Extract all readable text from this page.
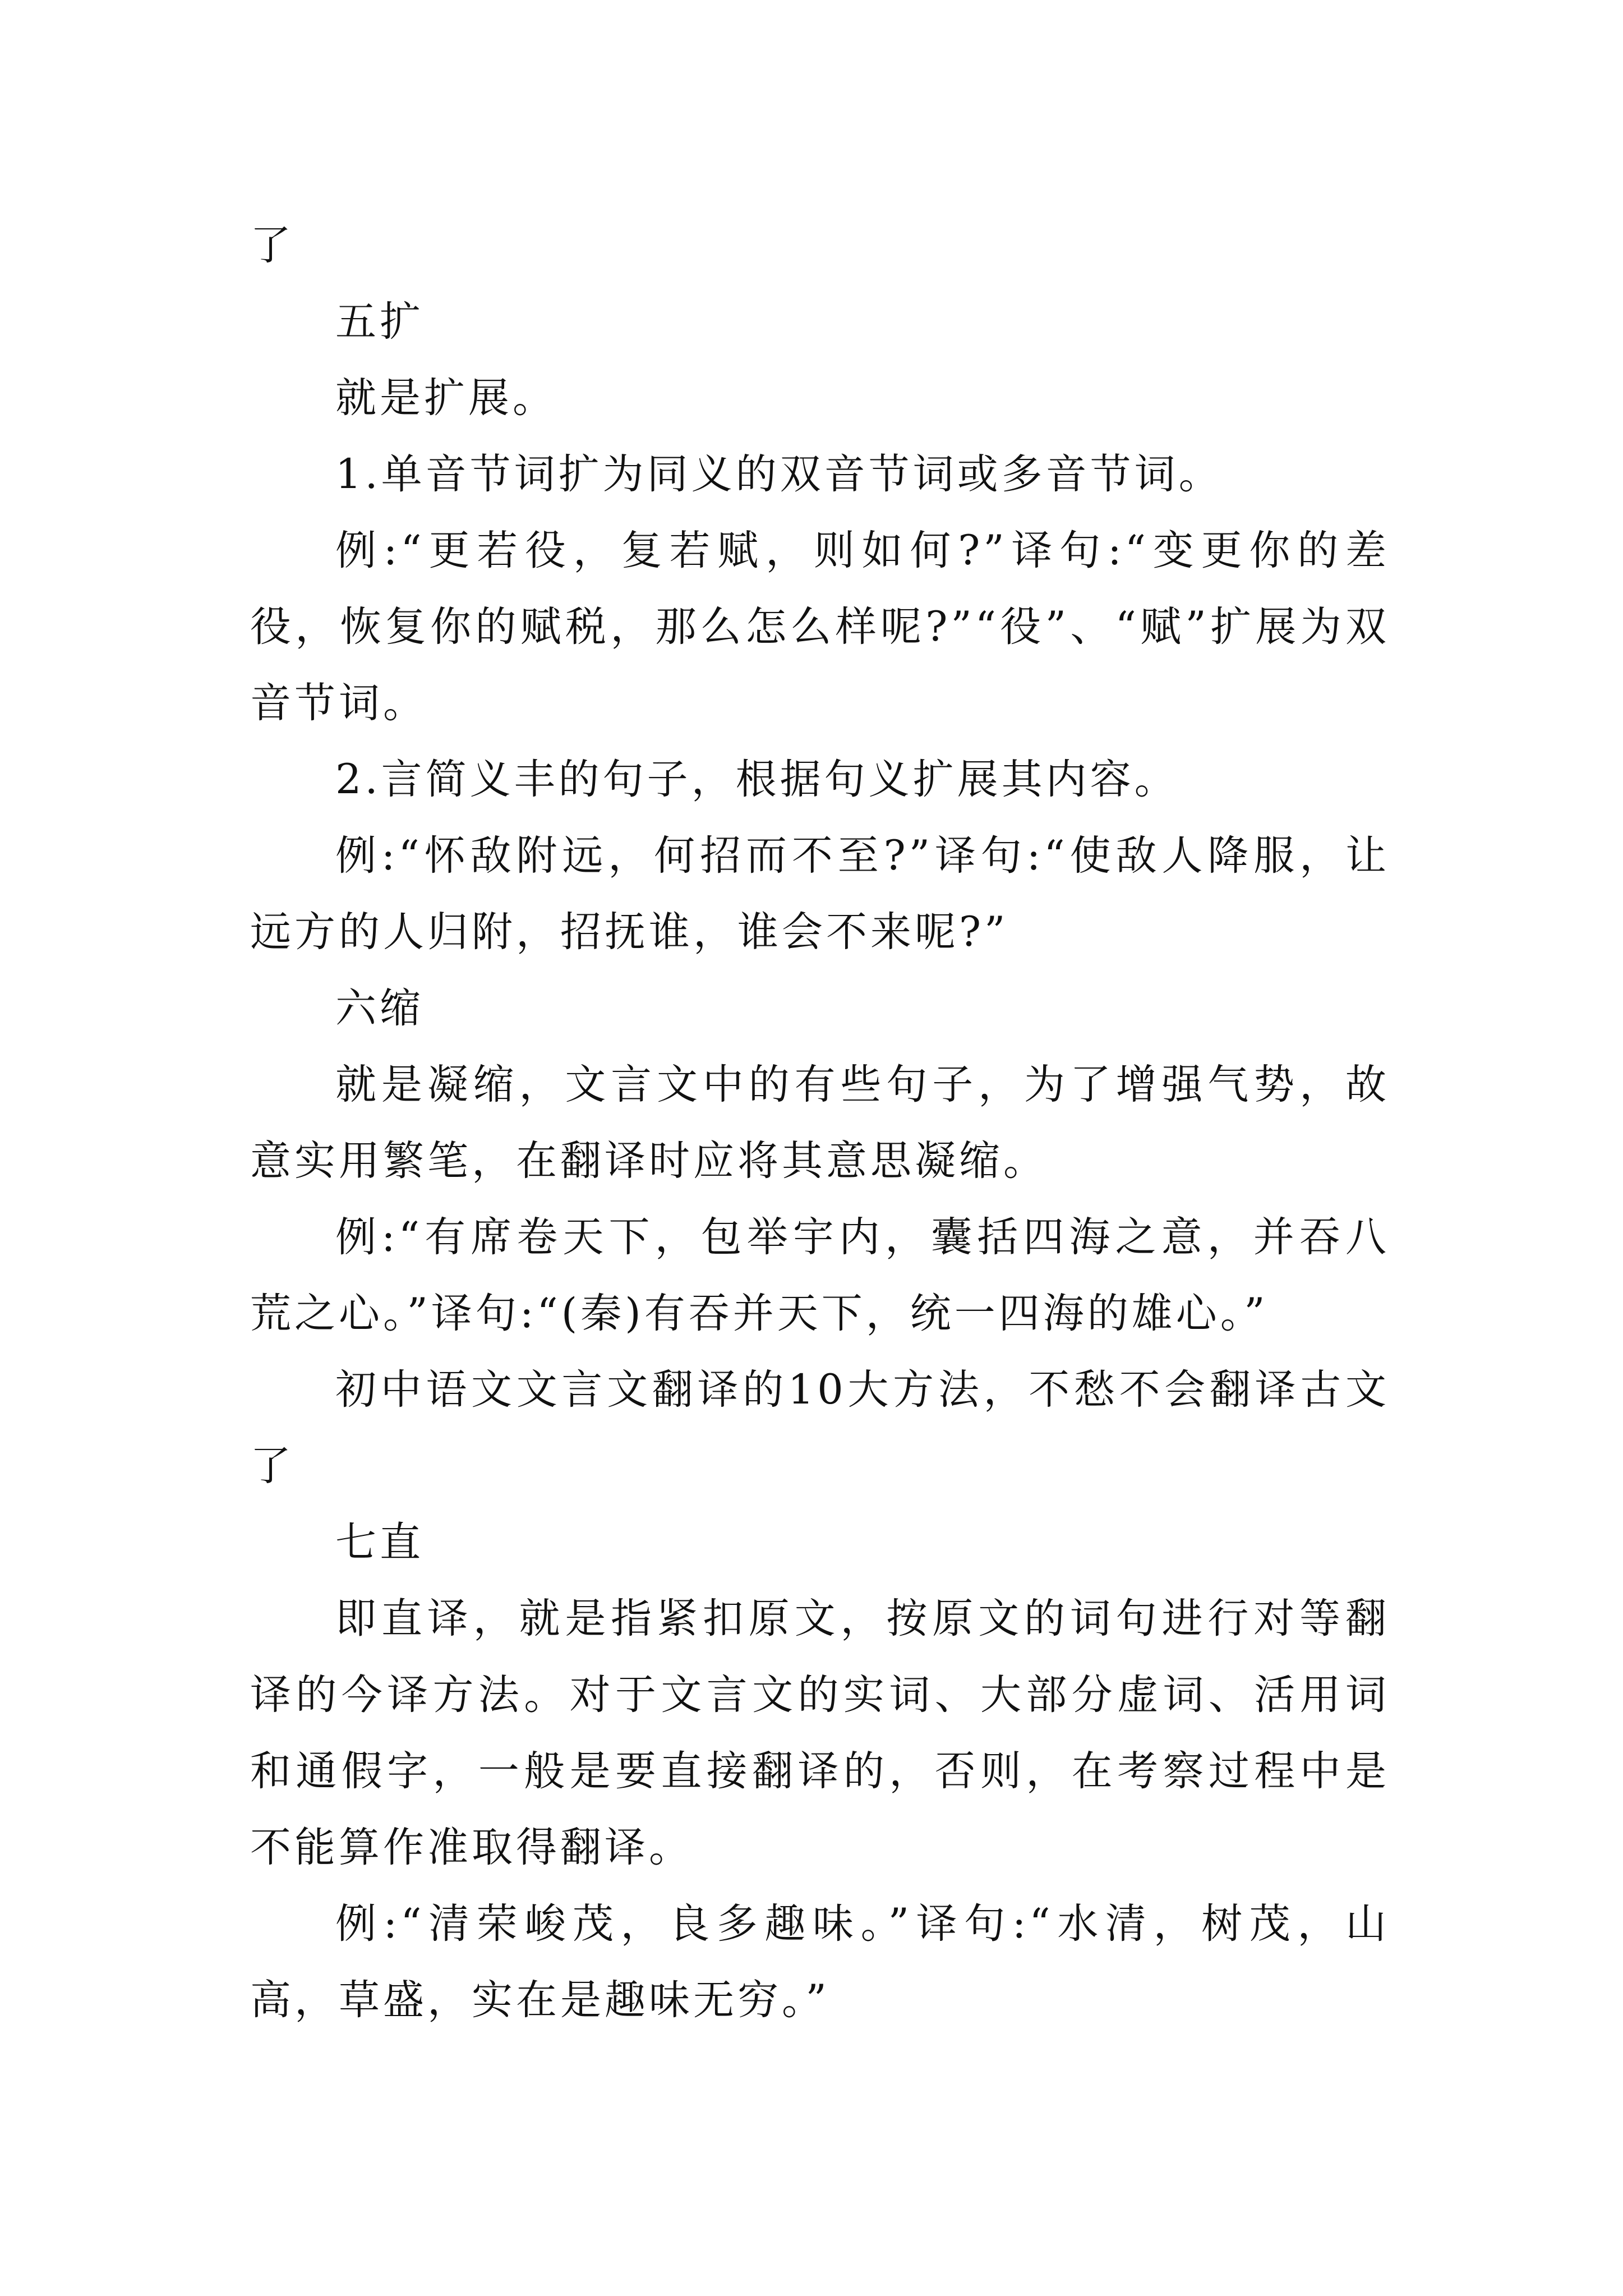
了

五扩

就是扩展。

1.单音节词扩为同义的双音节词或多音节词。

例:“更若役，复若赋，则如何?”译句:“变更你的差役，恢复你的赋税，那么怎么样呢?”“役”、“赋”扩展为双音节词。

2.言简义丰的句子，根据句义扩展其内容。

例:“怀敌附远，何招而不至?”译句:“使敌人降服，让远方的人归附，招抚谁，谁会不来呢?”

六缩

就是凝缩，文言文中的有些句子，为了增强气势，故意实用繁笔，在翻译时应将其意思凝缩。

例:“有席卷天下，包举宇内，囊括四海之意，并吞八荒之心。”译句:“(秦)有吞并天下，统一四海的雄心。”

初中语文文言文翻译的10大方法，不愁不会翻译古文了

七直

即直译，就是指紧扣原文，按原文的词句进行对等翻译的今译方法。对于文言文的实词、大部分虚词、活用词和通假字，一般是要直接翻译的，否则，在考察过程中是不能算作准取得翻译。

例:“清荣峻茂，良多趣味。”译句:“水清，树茂，山高，草盛，实在是趣味无穷。”
